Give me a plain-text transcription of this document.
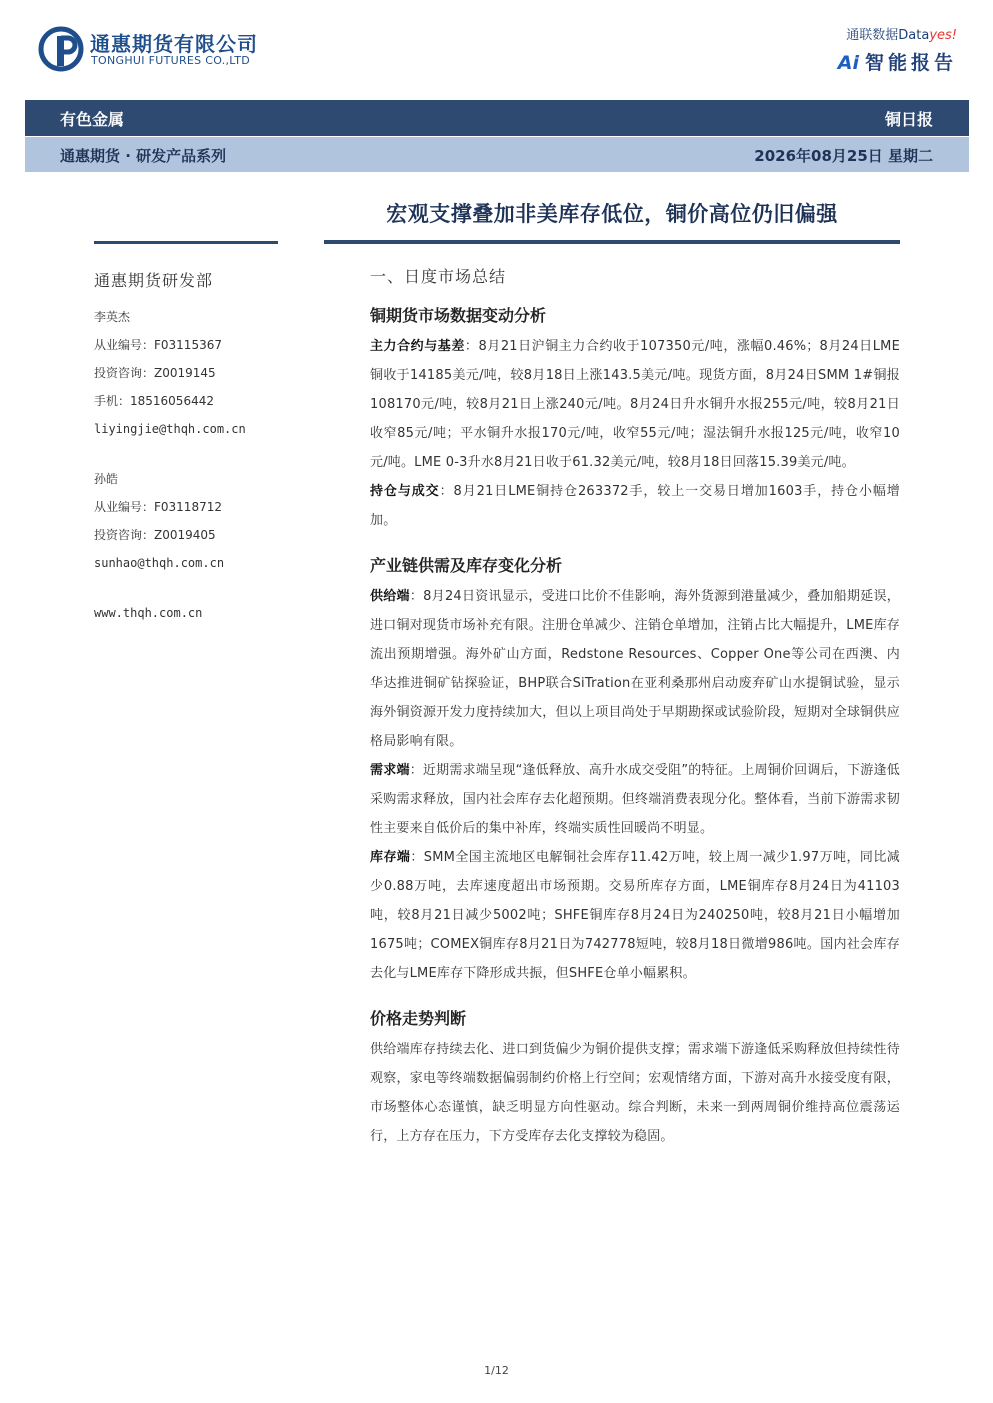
通惠期货有限公司
TONGHUI FUTURES CO.,LTD
通联数据Datayes!
Ai 智能报告
有色金属	铜日报
通惠期货 · 研发产品系列	2026年08月25日 星期二
宏观支撑叠加非美库存低位，铜价高位仍旧偏强
通惠期货研发部
李英杰
从业编号：F03115367
投资咨询：Z0019145
手机：18516056442
liyingjie@thqh.com.cn
孙皓
从业编号：F03118712
投资咨询：Z0019405
sunhao@thqh.com.cn
www.thqh.com.cn
一、日度市场总结
铜期货市场数据变动分析

主力合约与基差：8月21日沪铜主力合约收于107350元/吨，涨幅0.46%；8月24日LME铜收于14185美元/吨，较8月18日上涨143.5美元/吨。现货方面，8月24日SMM 1#铜报108170元/吨，较8月21日上涨240元/吨。8月24日升水铜升水报255元/吨，较8月21日收窄85元/吨；平水铜升水报170元/吨，收窄55元/吨；湿法铜升水报125元/吨，收窄10元/吨。LME 0-3升水8月21日收于61.32美元/吨，较8月18日回落15.39美元/吨。

持仓与成交：8月21日LME铜持仓263372手，较上一交易日增加1603手，持仓小幅增加。

产业链供需及库存变化分析

供给端：8月24日资讯显示，受进口比价不佳影响，海外货源到港量减少，叠加船期延误，进口铜对现货市场补充有限。注册仓单减少、注销仓单增加，注销占比大幅提升，LME库存流出预期增强。海外矿山方面，Redstone Resources、Copper One等公司在西澳、内华达推进铜矿钻探验证，BHP联合SiTration在亚利桑那州启动废弃矿山水提铜试验，显示海外铜资源开发力度持续加大，但以上项目尚处于早期勘探或试验阶段，短期对全球铜供应格局影响有限。

需求端：近期需求端呈现“逢低释放、高升水成交受阻”的特征。上周铜价回调后，下游逢低采购需求释放，国内社会库存去化超预期。但终端消费表现分化。整体看，当前下游需求韧性主要来自低价后的集中补库，终端实质性回暖尚不明显。

库存端：SMM全国主流地区电解铜社会库存11.42万吨，较上周一减少1.97万吨，同比减少0.88万吨，去库速度超出市场预期。交易所库存方面，LME铜库存8月24日为41103吨，较8月21日减少5002吨；SHFE铜库存8月24日为240250吨，较8月21日小幅增加1675吨；COMEX铜库存8月21日为742778短吨，较8月18日微增986吨。国内社会库存去化与LME库存下降形成共振，但SHFE仓单小幅累积。

价格走势判断

供给端库存持续去化、进口到货偏少为铜价提供支撑；需求端下游逢低采购释放但持续性待观察，家电等终端数据偏弱制约价格上行空间；宏观情绪方面，下游对高升水接受度有限，市场整体心态谨慎，缺乏明显方向性驱动。综合判断，未来一到两周铜价维持高位震荡运行，上方存在压力，下方受库存去化支撑较为稳固。

1/12
